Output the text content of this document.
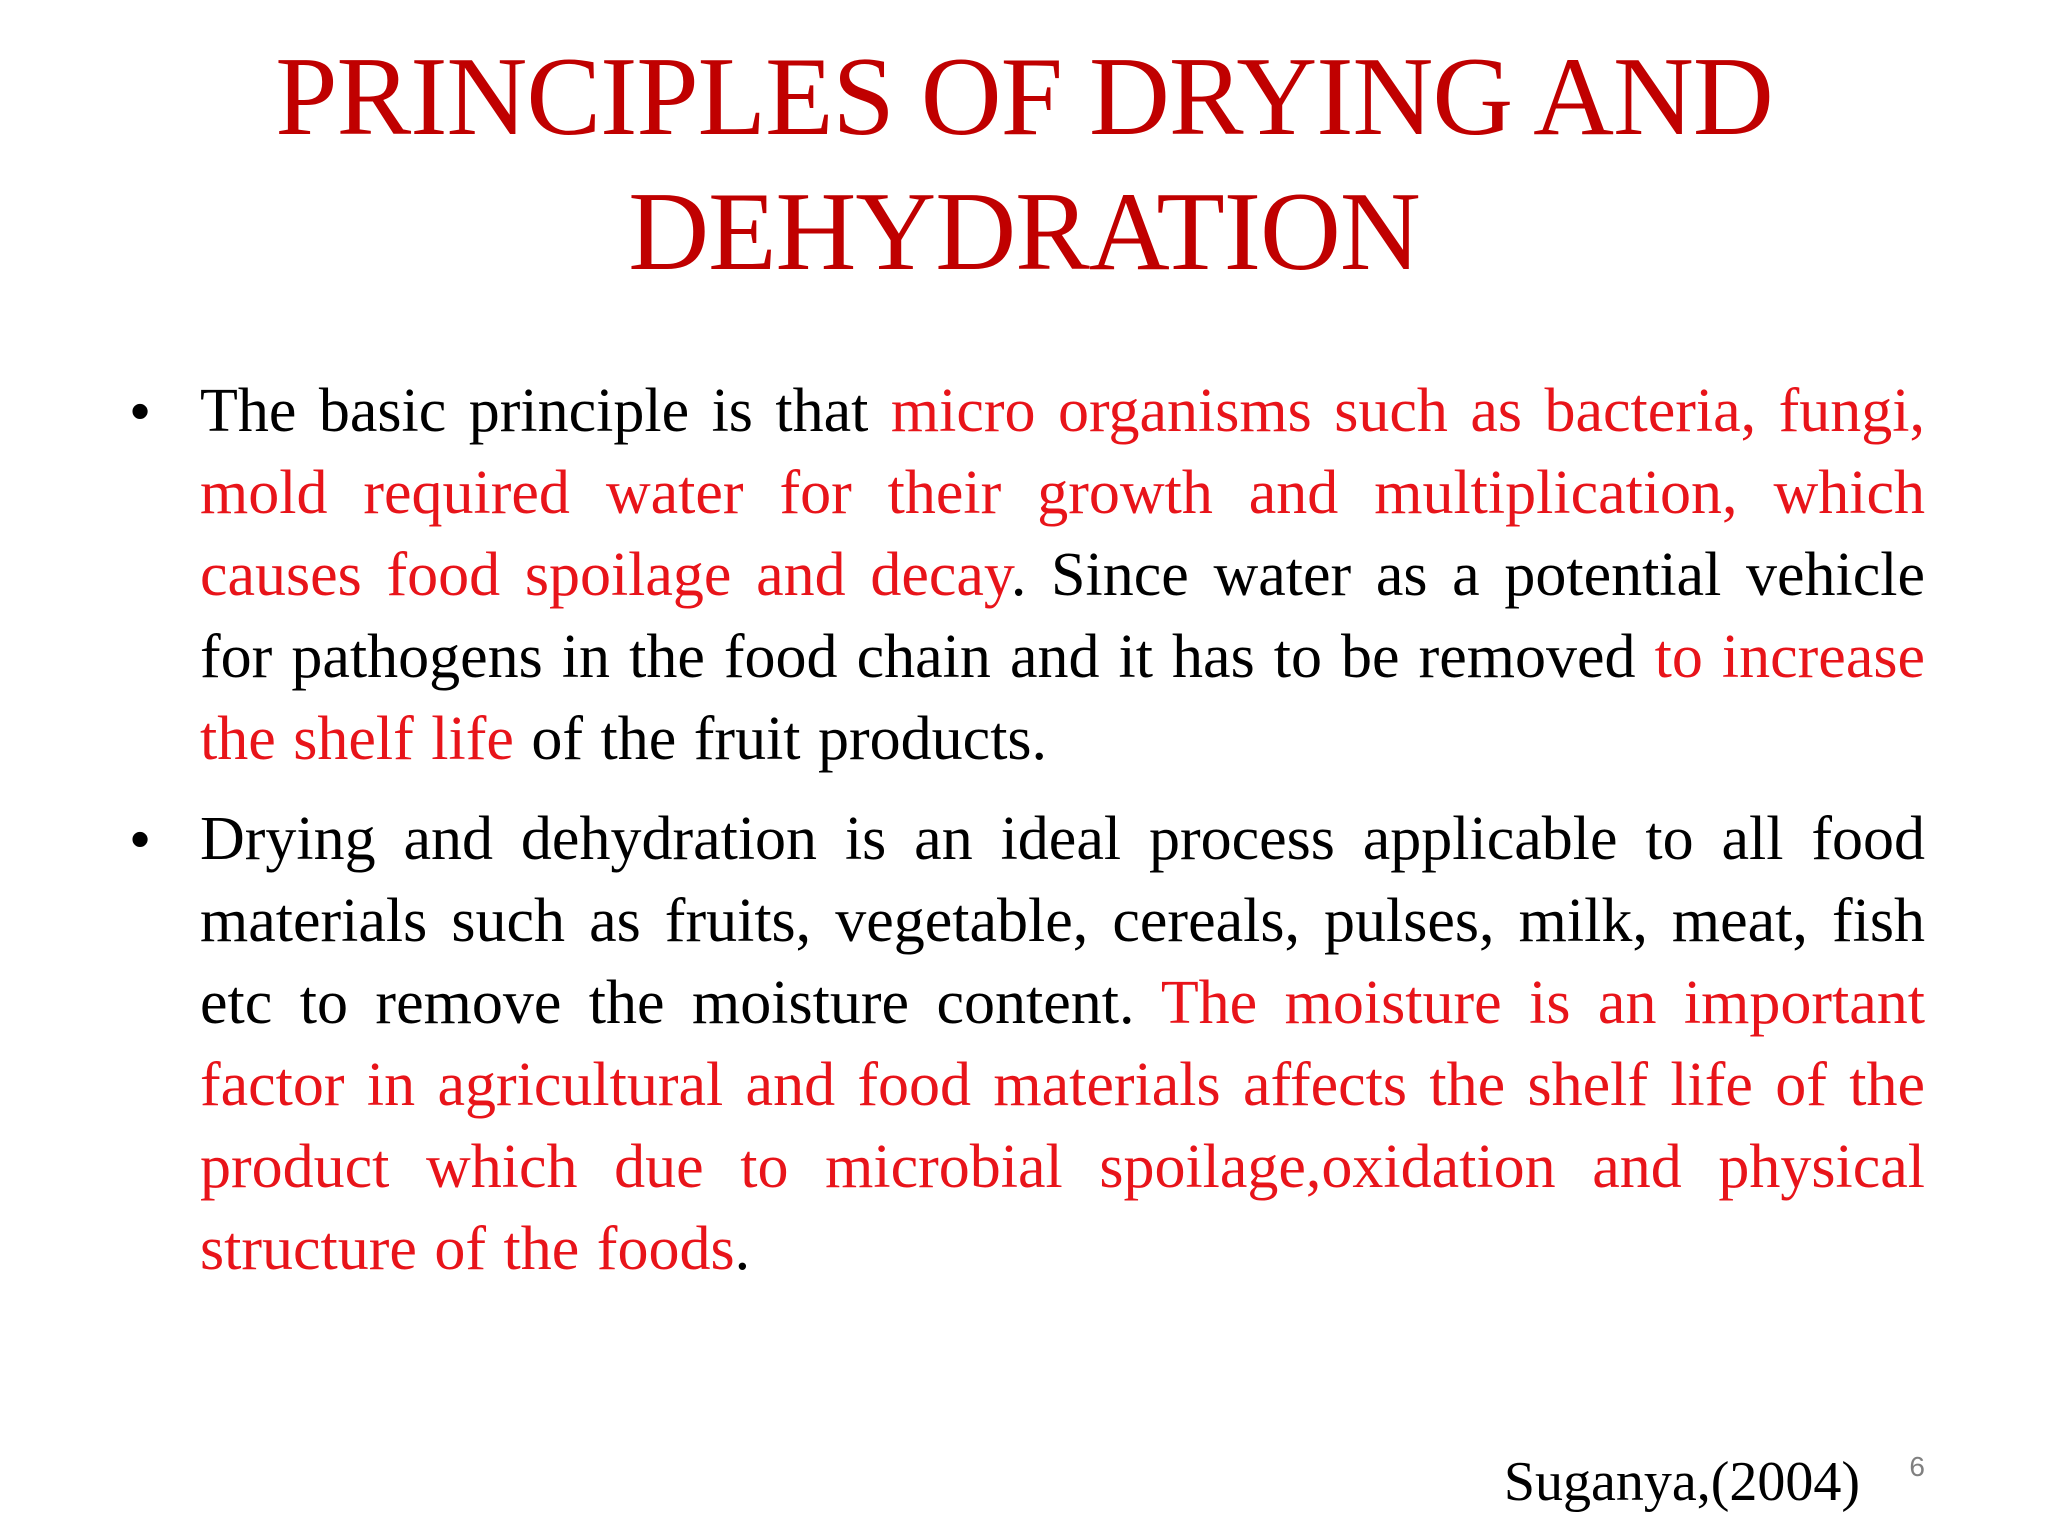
PRINCIPLES OF DRYING AND
DEHYDRATION
• The basic principle is that micro organisms such as bacteria, fungi, mold required water for their growth and multiplication, which causes food spoilage and decay. Since water as a potential vehicle for pathogens in the food chain and it has to be removed to increase the shelf life of the fruit products.
• Drying and dehydration is an ideal process applicable to all food materials such as fruits, vegetable, cereals, pulses, milk, meat, fish etc to remove the moisture content. The moisture is an important factor in agricultural and food materials affects the shelf life of the product which due to microbial spoilage,oxidation and physical structure of the foods.
Suganya,(2004) 6
